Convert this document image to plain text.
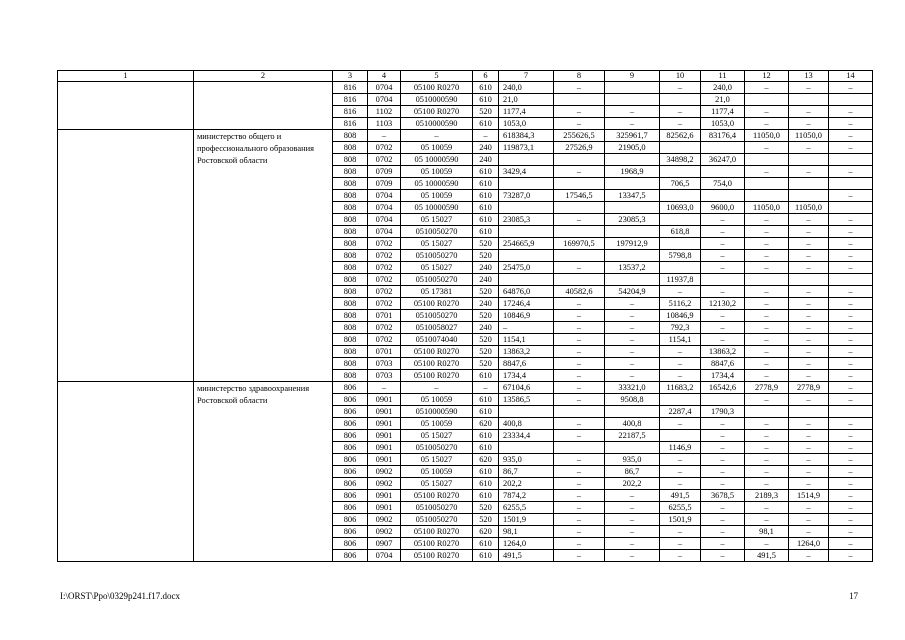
1	2	3	4	5	6	7	8	9	10	11	12	13	14
		816	0704	05100 R0270	610	240,0	–		–	240,0	–	–	–
		816	0704	0510000590	610	21,0				21,0			
		816	1102	05100 R0270	520	1177,4	–	–	–	1177,4	–	–	–
		816	1103	0510000590	610	1053,0	–	–	–	1053,0	–	–	–
	министерство общего и профессионального образования Ростовской области	808	–	–	–	618384,3	255626,5	325961,7	82562,6	83176,4	11050,0	11050,0	–
		808	0702	05 10059	240	119873,1	27526,9	21905,0			–	–	–
		808	0702	05 10000590	240				34898,2	36247,0			
		808	0709	05 10059	610	3429,4	–	1968,9			–	–	–
		808	0709	05 10000590	610				706,5	754,0			
		808	0704	05 10059	610	73287,0	17546,5	13347,5					–
		808	0704	05 10000590	610				10693,0	9600,0	11050,0	11050,0	
		808	0704	05 15027	610	23085,3	–	23085,3		–	–	–	–
		808	0704	0510050270	610				618,8	–	–	–	–
		808	0702	05 15027	520	254665,9	169970,5	197912,9		–	–	–	–
		808	0702	0510050270	520				5798,8	–	–	–	–
		808	0702	05 15027	240	25475,0	–	13537,2		–	–	–	–
		808	0702	0510050270	240				11937,8				
		808	0702	05 17381	520	64876,0	40582,6	54204,9	–	–	–	–	–
		808	0702	05100 R0270	240	17246,4	–	–	5116,2	12130,2	–	–	–
		808	0701	0510050270	520	10846,9	–	–	10846,9	–	–	–	–
		808	0702	0510058027	240	–	–	–	792,3	–	–	–	–
		808	0702	0510074040	520	1154,1	–	–	1154,1	–	–	–	–
		808	0701	05100 R0270	520	13863,2	–	–	–	13863,2	–	–	–
		808	0703	05100 R0270	520	8847,6	–	–	–	8847,6	–	–	–
		808	0703	05100 R0270	610	1734,4	–	–	–	1734,4	–	–	–
	министерство здравоохранения Ростовской области	806	–	–	–	67104,6	–	33321,0	11683,2	16542,6	2778,9	2778,9	–
		806	0901	05 10059	610	13586,5	–	9508,8			–	–	–
		806	0901	0510000590	610				2287,4	1790,3			
		806	0901	05 10059	620	400,8	–	400,8	–	–	–	–	–
		806	0901	05 15027	610	23334,4	–	22187,5		–	–	–	–
		806	0901	0510050270	610				1146,9	–	–	–	–
		806	0901	05 15027	620	935,0	–	935,0	–	–	–	–	–
		806	0902	05 10059	610	86,7	–	86,7	–	–	–	–	–
		806	0902	05 15027	610	202,2	–	202,2	–	–	–	–	–
		806	0901	05100 R0270	610	7874,2	–	–	491,5	3678,5	2189,3	1514,9	–
		806	0901	0510050270	520	6255,5	–	–	6255,5	–	–	–	–
		806	0902	0510050270	520	1501,9	–	–	1501,9	–	–	–	–
		806	0902	05100 R0270	620	98,1	–	–	–	–	98,1	–	–
		806	0907	05100 R0270	610	1264,0	–	–	–	–	–	1264,0	–
		806	0704	05100 R0270	610	491,5	–	–	–	–	491,5	–	–
I:\ORST\Ppo\0329p241.f17.docx	17
